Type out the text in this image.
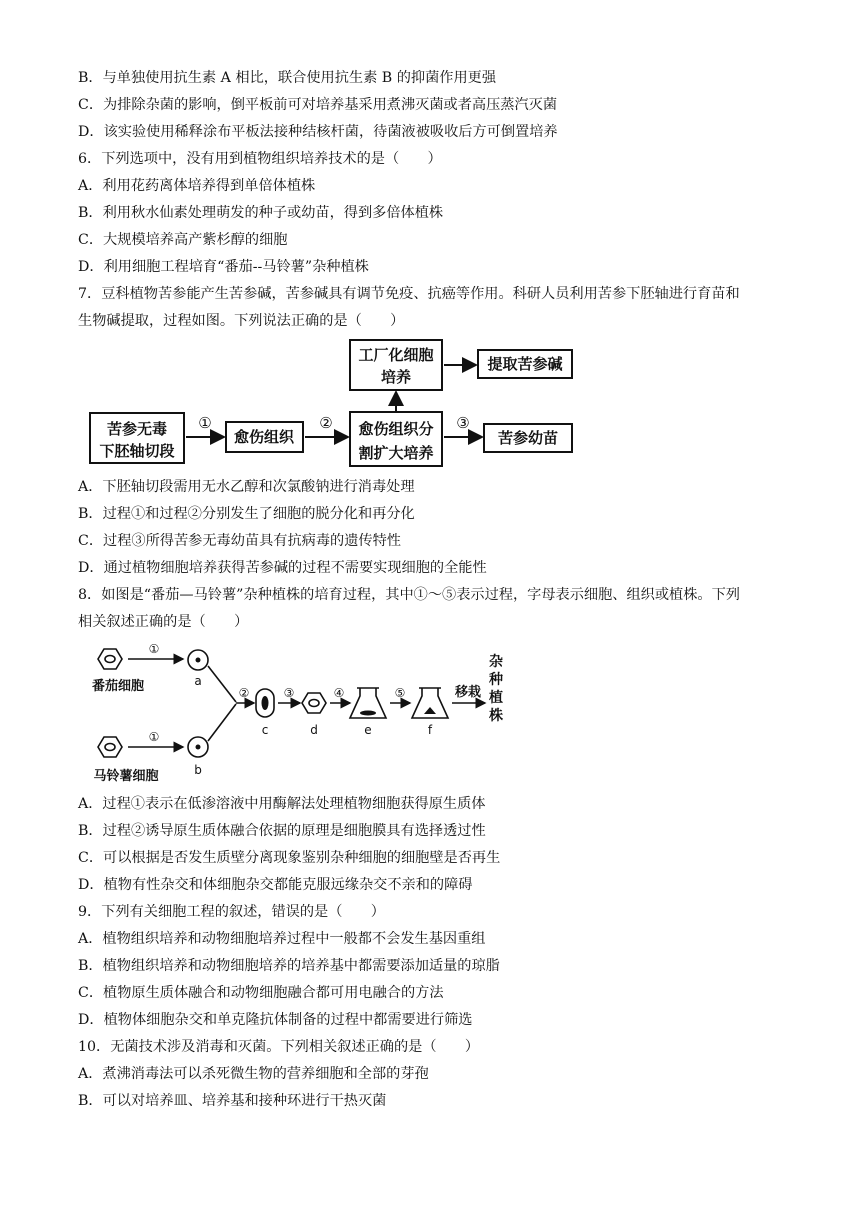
B．与单独使用抗生素 A 相比，联合使用抗生素 B 的抑菌作用更强
C．为排除杂菌的影响，倒平板前可对培养基采用煮沸灭菌或者高压蒸汽灭菌
D．该实验使用稀释涂布平板法接种结核杆菌，待菌液被吸收后方可倒置培养
6．下列选项中，没有用到植物组织培养技术的是（　　）
A．利用花药离体培养得到单倍体植株
B．利用秋水仙素处理萌发的种子或幼苗，得到多倍体植株
C．大规模培养高产紫杉醇的细胞
D．利用细胞工程培育“番茄--马铃薯”杂种植株
7．豆科植物苦参能产生苦参碱，苦参碱具有调节免疫、抗癌等作用。科研人员利用苦参下胚轴进行育苗和
生物碱提取，过程如图。下列说法正确的是（　　）
苦参无毒
下胚轴切段
愈伤组织	愈伤组织分
割扩大培养
工厂化细胞
培养
提取苦参碱
苦参幼苗
①	②	③
A．下胚轴切段需用无水乙醇和次氯酸钠进行消毒处理
B．过程①和过程②分别发生了细胞的脱分化和再分化
C．过程③所得苦参无毒幼苗具有抗病毒的遗传特性
D．通过植物细胞培养获得苦参碱的过程不需要实现细胞的全能性
8．如图是“番茄—马铃薯”杂种植株的培育过程，其中①～⑤表示过程，字母表示细胞、组织或植株。下列
相关叙述正确的是（　　）
番茄细胞
马铃薯细胞
移栽
①
①
②	③	④	⑤
a
b
c	d	e	f
杂
种
植
株
A．过程①表示在低渗溶液中用酶解法处理植物细胞获得原生质体
B．过程②诱导原生质体融合依据的原理是细胞膜具有选择透过性
C．可以根据是否发生质壁分离现象鉴别杂种细胞的细胞壁是否再生
D．植物有性杂交和体细胞杂交都能克服远缘杂交不亲和的障碍
9．下列有关细胞工程的叙述，错误的是（　　）
A．植物组织培养和动物细胞培养过程中一般都不会发生基因重组
B．植物组织培养和动物细胞培养的培养基中都需要添加适量的琼脂
C．植物原生质体融合和动物细胞融合都可用电融合的方法
D．植物体细胞杂交和单克隆抗体制备的过程中都需要进行筛选
10．无菌技术涉及消毒和灭菌。下列相关叙述正确的是（　　）
A．煮沸消毒法可以杀死微生物的营养细胞和全部的芽孢
B．可以对培养皿、培养基和接种环进行干热灭菌
